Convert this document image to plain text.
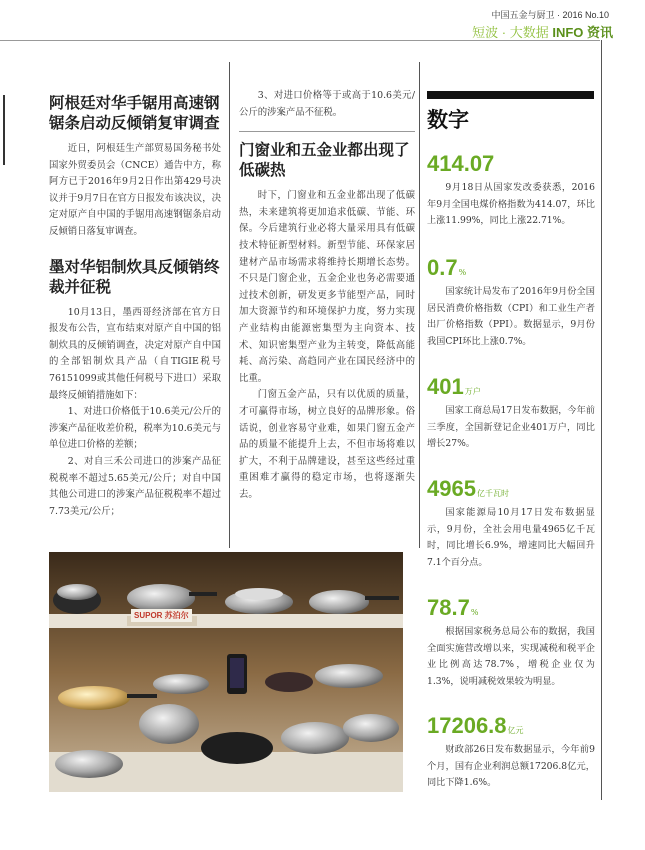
中国五金与厨卫 · 2016 No.10
短波 · 大数据 INFO 资讯
阿根廷对华手锯用高速钢锯条启动反倾销复审调查

近日，阿根廷生产部贸易国务秘书处国家外贸委员会（CNCE）通告中方，称阿方已于2016年9月2日作出第429号决议并于9月7日在官方日报发布该决议，决定对原产自中国的手锯用高速钢锯条启动反倾销日落复审调查。

墨对华铝制炊具反倾销终裁并征税

10月13日，墨西哥经济部在官方日报发布公告，宣布结束对原产自中国的铝制炊具的反倾销调查，决定对原产自中国的全部铝制炊具产品（自TIGIE税号76151099或其他任何税号下进口）采取最终反倾销措施如下：

1、对进口价格低于10.6美元/公斤的涉案产品征收差价税，税率为10.6美元与单位进口价格的差额；

2、对自三禾公司进口的涉案产品征税税率不超过5.65美元/公斤；对自中国其他公司进口的涉案产品征税税率不超过7.73美元/公斤；

3、对进口价格等于或高于10.6美元/公斤的涉案产品不征税。

门窗业和五金业都出现了低碳热

时下，门窗业和五金业都出现了低碳热，未来建筑将更加追求低碳、节能、环保。今后建筑行业必将大量采用具有低碳技术特征新型材料。新型节能、环保家居建材产品市场需求将维持长期增长态势。不只是门窗企业，五金企业也务必需要通过技术创新，研发更多节能型产品，同时加大资源节约和环境保护力度，努力实现产业结构由能源密集型为主向资本、技术、知识密集型产业为主转变，降低高能耗、高污染、高趋同产业在国民经济中的比重。

门窗五金产品，只有以优质的质量，才可赢得市场，树立良好的品牌形象。俗话说，创业容易守业难，如果门窗五金产品的质量不能提升上去，不但市场将难以扩大，不利于品牌建设，甚至这些经过重重困难才赢得的稳定市场，也将逐渐失去。

数字
414.07

9月18日从国家发改委获悉，2016年9月全国电煤价格指数为414.07，环比上涨11.99%，同比上涨22.71%。

0.7%

国家统计局发布了2016年9月份全国居民消费价格指数（CPI）和工业生产者出厂价格指数（PPI）。数据显示，9月份我国CPI环比上涨0.7%。

401万户

国家工商总局17日发布数据，今年前三季度，全国新登记企业401万户，同比增长27%。

4965亿千瓦时

国家能源局10月17日发布数据显示，9月份，全社会用电量4965亿千瓦时，同比增长6.9%，增速同比大幅回升7.1个百分点。

78.7%

根据国家税务总局公布的数据，我国全面实施营改增以来，实现减税和税平企业比例高达78.7%，增税企业仅为1.3%，说明减税效果较为明显。

17206.8亿元

财政部26日发布数据显示，今年前9个月，国有企业利润总额17206.8亿元，同比下降1.6%。

SUPOR 苏泊尔
